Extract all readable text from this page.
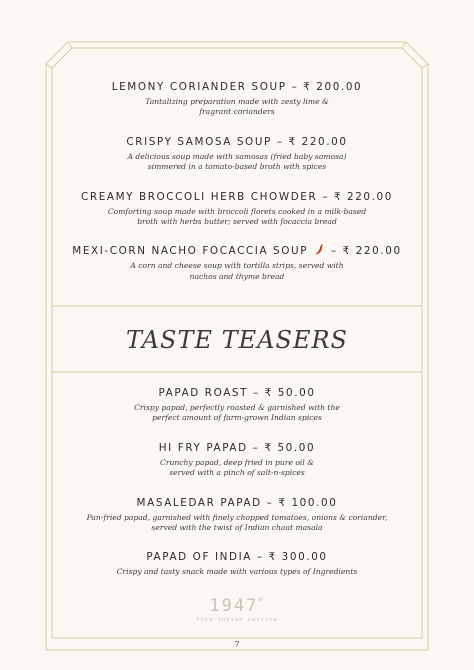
LEMONY CORIANDER SOUP – ₹ 200.00
Tantalizing preparation made with zesty lime &
fragrant corianders
CRISPY SAMOSA SOUP – ₹ 220.00
A delicious soup made with samosas (fried baby samosa)
simmered in a tomato-based broth with spices
CREAMY BROCCOLI HERB CHOWDER – ₹ 220.00
Comforting soup made with broccoli florets cooked in a milk-based
broth with herbs butter; served with focaccia bread
MEXI-CORN NACHO FOCACCIA SOUP – ₹ 220.00
A corn and cheese soup with tortilla strips, served with
nachos and thyme bread
TASTE TEASERS
PAPAD ROAST – ₹ 50.00
Crispy papad, perfectly roasted & garnished with the
perfect amount of farm-grown Indian spices
HI FRY PAPAD – ₹ 50.00
Crunchy papad, deep fried in pure oil &
served with a pinch of salt-n-spices
MASALEDAR PAPAD – ₹ 100.00
Pan-fried papad, garnished with finely chopped tomatoes, onions & coriander,
served with the twist of Indian chaat masala
PAPAD OF INDIA – ₹ 300.00
Crispy and tasty snack made with various types of Ingredients
1947®
fine indian cuisine
7
